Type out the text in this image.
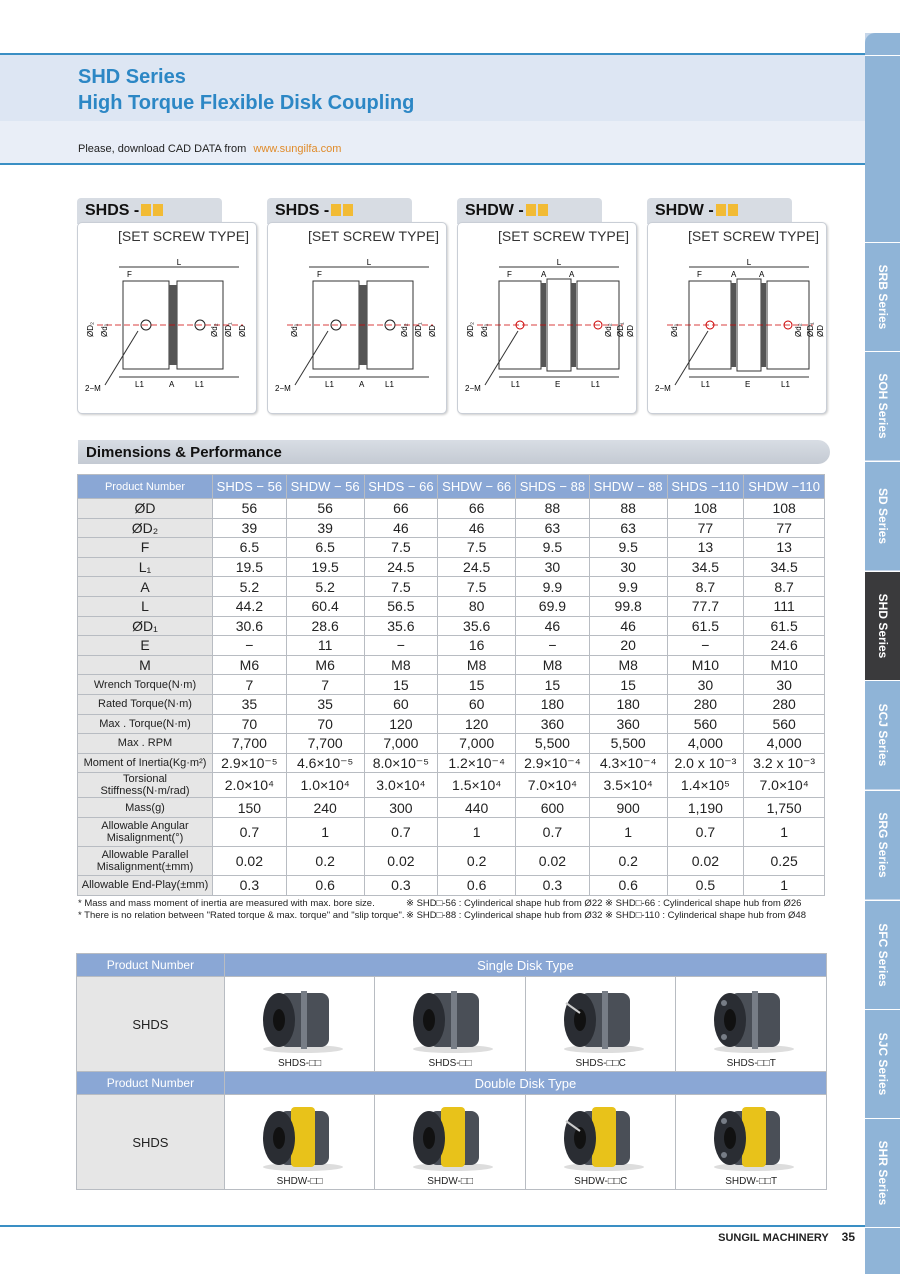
SHD Series
High Torque Flexible Disk Coupling
Please, download CAD DATA from www.sungilfa.com
SRB Series
SOH Series
SD Series
SHD Series
SCJ Series
SRG Series
SFC Series
SJC Series
SHR Series
SHDS -
[SET SCREW TYPE]
L
F
L1	A	L1
2−M
ØD₂ Ød₁	Ød₂ ØD₁ ØD
SHDS -
[SET SCREW TYPE]
L
F
L1	A	L1
2−M
Ød₁	Ød₂ ØD₁ ØD
SHDW -
[SET SCREW TYPE]
L
F
L1	E	L1
A	A
2−M
ØD₂ Ød₁	Ød₂ ØD₁ ØD
SHDW -
[SET SCREW TYPE]
L
F
L1	E	L1
A	A
2−M
Ød₁	Ød₂ ØD₁ ØD
Dimensions & Performance
Product Number	SHDS − 56	SHDW − 56	SHDS − 66	SHDW − 66	SHDS − 88	SHDW − 88	SHDS −110	SHDW −110
ØD	56	56	66	66	88	88	108	108
ØD₂	39	39	46	46	63	63	77	77
F	6.5	6.5	7.5	7.5	9.5	9.5	13	13
L₁	19.5	19.5	24.5	24.5	30	30	34.5	34.5
A	5.2	5.2	7.5	7.5	9.9	9.9	8.7	8.7
L	44.2	60.4	56.5	80	69.9	99.8	77.7	111
ØD₁	30.6	28.6	35.6	35.6	46	46	61.5	61.5
E	−	11	−	16	−	20	−	24.6
M	M6	M6	M8	M8	M8	M8	M10	M10
Wrench Torque(N·m)	7	7	15	15	15	15	30	30
Rated Torque(N·m)	35	35	60	60	180	180	280	280
Max . Torque(N·m)	70	70	120	120	360	360	560	560
Max . RPM	7,700	7,700	7,000	7,000	5,500	5,500	4,000	4,000
Moment of Inertia(Kg·m²)	2.9×10⁻⁵	4.6×10⁻⁵	8.0×10⁻⁵	1.2×10⁻⁴	2.9×10⁻⁴	4.3×10⁻⁴	2.0 x 10⁻³	3.2 x 10⁻³
Torsional Stiffness(N·m/rad)	2.0×10⁴	1.0×10⁴	3.0×10⁴	1.5×10⁴	7.0×10⁴	3.5×10⁴	1.4×10⁵	7.0×10⁴
Mass(g)	150	240	300	440	600	900	1,190	1,750
Allowable Angular Misalignment(°)	0.7	1	0.7	1	0.7	1	0.7	1
Allowable Parallel Misalignment(±mm)	0.02	0.2	0.02	0.2	0.02	0.2	0.02	0.25
Allowable End-Play(±mm)	0.3	0.6	0.3	0.6	0.3	0.6	0.5	1
* Mass and mass moment of inertia are measured with max. bore size.
* There is no relation between "Rated torque & max. torque" and "slip torque".
※ SHD□-56 : Cylinderical shape hub from Ø22 ※ SHD□-66 : Cylinderical shape hub from Ø26
※ SHD□-88 : Cylinderical shape hub from Ø32 ※ SHD□-110 : Cylinderical shape hub from Ø48
Product Number	Single Disk Type			
SHDS	SHDS-□□	SHDS-□□	SHDS-□□C	SHDS-□□T

Product Number	Double Disk Type			
SHDS	SHDW-□□	SHDW-□□	SHDW-□□C	SHDW-□□T
SUNGIL MACHINERY 35
